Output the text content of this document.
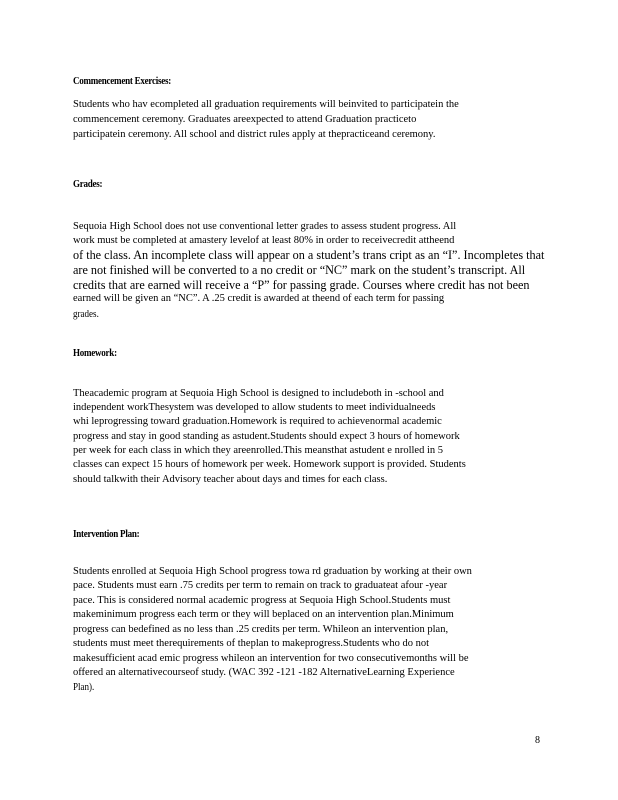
Commencement Exercises:
Students who hav ecompleted all graduation requirements will beinvited to participatein the
commencement ceremony. Graduates areexpected to attend Graduation practiceto
participatein ceremony. All school and district rules apply at thepracticeand ceremony.
Grades:
Sequoia High School does not use conventional letter grades to assess student progress. All
work must be completed at amastery levelof at least 80% in order to receivecredit attheend
of the class. An incomplete class will appear on a student’s trans cript as an “I”. Incompletes that
are not finished will be converted to a no credit or “NC” mark on the student’s transcript. All
credits that are earned will receive a “P” for passing grade. Courses where credit has not been
earned will be given an “NC”. A .25 credit is awarded at theend of each term for passing
grades.
Homework:
Theacademic program at Sequoia High School is designed to includeboth in -school and
independent workThesystem was developed to allow students to meet individualneeds
whi leprogressing toward graduation.Homework is required to achievenormal academic
progress and stay in good standing as astudent.Students should expect 3 hours of homework
per week for each class in which they areenrolled.This meansthat astudent e nrolled in 5
classes can expect 15 hours of homework per week. Homework support is provided. Students
should talkwith their Advisory teacher about days and times for each class.
Intervention Plan:
Students enrolled at Sequoia High School progress towa rd graduation by working at their own
pace. Students must earn .75 credits per term to remain on track to graduateat afour -year
pace. This is considered normal academic progress at Sequoia High School.Students must
makeminimum progress each term or they will beplaced on an intervention plan.Minimum
progress can bedefined as no less than .25 credits per term. Whileon an intervention plan,
students must meet therequirements of theplan to makeprogress.Students who do not
makesufficient acad emic progress whileon an intervention for two consecutivemonths will be
offered an alternativecourseof study. (WAC 392 -121 -182 AlternativeLearning Experience
Plan).
8
